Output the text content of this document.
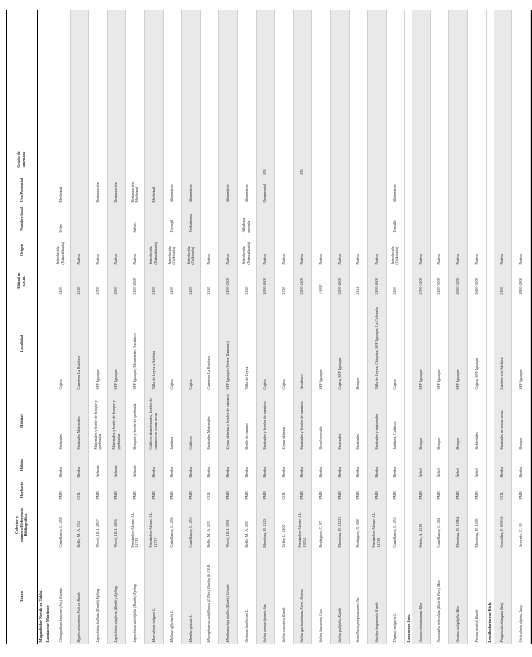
Taxon
Colector y número/Referencia Bibliográfica
Herbario
Hábito
Hábitat
Localidad
Altitud m s.n.m.
Origen
Nombre local
Uso/Potencial
Grado de amenaza
Magnoliidae Novák ex Takht. Lamiaceae Martinov Clinopodium brownei (Sw.) Kuntze
Castellanos, L. 258
PMB
Hierba
Pastizales
Cajica
2400
Introducida (Naturalizada)
Poleo
Medicinal
Hyptis atrorubens Poit.ex Benth.
Bello, M. A. 154
COL
Hierba
Pastizales Matorrales
Carretera La Ruidora
2210
Nativa
Lepechinia bullata (Kunth) Epling
Wood, J.R.I. 4817
PMB
Arbusto
Matorrales y borde de bosque y quebradas
SFF Iguaque
2700
Nativa
Restauración
Lepechinia conferta (Benth.) Epling
Wood, J.R.I. 4816
PMB
Arbusto
Matorrales y borde de bosque y quebradas
SFF Iguaque
2500
Nativa
Restauración
Lepechinia salviifolia (Kunth) Epling
Fernández-Alonso J.L. 14715
PMB
Arbusto
Bosques y borde de quebrada
SFF Iguaque, Monserrate, Arcabuco
2100-2600
Nativa
Salvio
Restauración, Medicinal
Marrubium vulgare L.
Fernández-Alonso J.L. 14737
PMB
Hierba
Cultivos abandonados, bordes de caminos en zonas secas
Villa de Leyva a Sáchica
2100
Introducida (Naturalizada)
Medicinal
Melissa officinalis L.
Castellanos, L. 256
PMB
Hierba
Jardines
Cajica
2400
Introducida (Cultivada)
Toronjil
Alimenticio
Mentha spicata L.
Castellanos, L. 253
PMB
Hierba
Cultivos
Cajica
2400
Introducida (Cultivada)
Yerbabuena
Alimenticio
Microphoerus subfillosus (L'Hér.) Harley & J.F.B.
Bello, M. A. 225
COL
Hierba
Pastizales Matorrales
Carretera La Ruidora
2210
Nativa
Minthostachys mollis (Kunth) Griseb.
Wood, J.R.I. 3951
PMB
Hierba
Zonas abiertas y bordes de caminos
SFF Iguaque (Sector Damasio)
2100-2200
Nativa
Alimenticio
Ocimum basilicum L.
Bello, M. A. 265
PMB
Hierba
Borde de camino
Villa de Leyva
2120
Introducida (Naturalizada)
Albahaca morada
Alimenticio
Salvia arenariformis Sm.
Mendoza, H. 1223
PMB
Hierba
Pastizales y bordes de caminos
Cajica
2000-2600
Nativa
Ornamental
EN
Salvia coccinea Kunth
Uribe, L. 4100
COL
Hierba
Zonas abiertas
Cajica
2720
Nativa
Salvia gachantivana Fern. Alonso
Fernández-Alonso J.L. 13054
PMB
Hierba
Pastizales y bordes de caminos
Arcabuco
2200-2400
Nativa
EN
Salvia lancearia Cav.
Rodríguez, C. 97
PMB
Hierba
Dosel recosido
SFF Iguaque
>3000
Nativa
Salvia palifolia Kunth
Mendoza, H. 11223
PMB
Hierba
Pastorales
Cajica, SFF Iguaque
2200-2600
Nativa
Scutellaria purpurascens Sw.
Rodríguez, G. 690
PMB
Hierba
Pastizales
Bosque
2144
Nativa
Stachys bogotensis Kunth
Fernández-Alonso J.L. 14749
PMB
Hierba
Pastizales y matorrales
Villa de Leyva, Chiquiza, SFF Iguaque, La Colorada
2100-2600
Nativa
Thymus vulgaris L.
Castellanos, L. 254
PMB
Hierba
Jardines, Cultivos
Cajica
2400
Introducida (Cultivada)
Tomillo
Alimenticio
Lauraceae Juss. Aiouea cinnamomea Mez
Prieto, A. 1219
PMB
Árbol
Bosque
SFF Iguaque
2700-3100
Nativa
Nectandra reticulata (Ruiz & Pav.) Mez
Castellanos, L. 261
PMB
Árbol
Bosque
SFF Iguaque
2400-3000
Nativa
Ocotea calophylla Mez
Mendoza, H. 10864
PMB
Árbol
Bosque
SFF Iguaque
2650-3250
Nativa
Persea mutisii Kunth
Mendoza, H. 1265
PMB
Árbol
Robledales
Cajica, SFF Iguaque
2600-3000
Nativa
Lentibulariaceae Rich. Pinguicula elongata Benj.
González, F. 6093A
COL
Hierba
Pastizales en zonas secas
Lindero con Sáchica
2100
Nativa
Utricularia alpina Jacq.
Acevedo, C. 30
PMB
Hierba
Bosque
SFF Iguaque
2800-2900
Nativa
